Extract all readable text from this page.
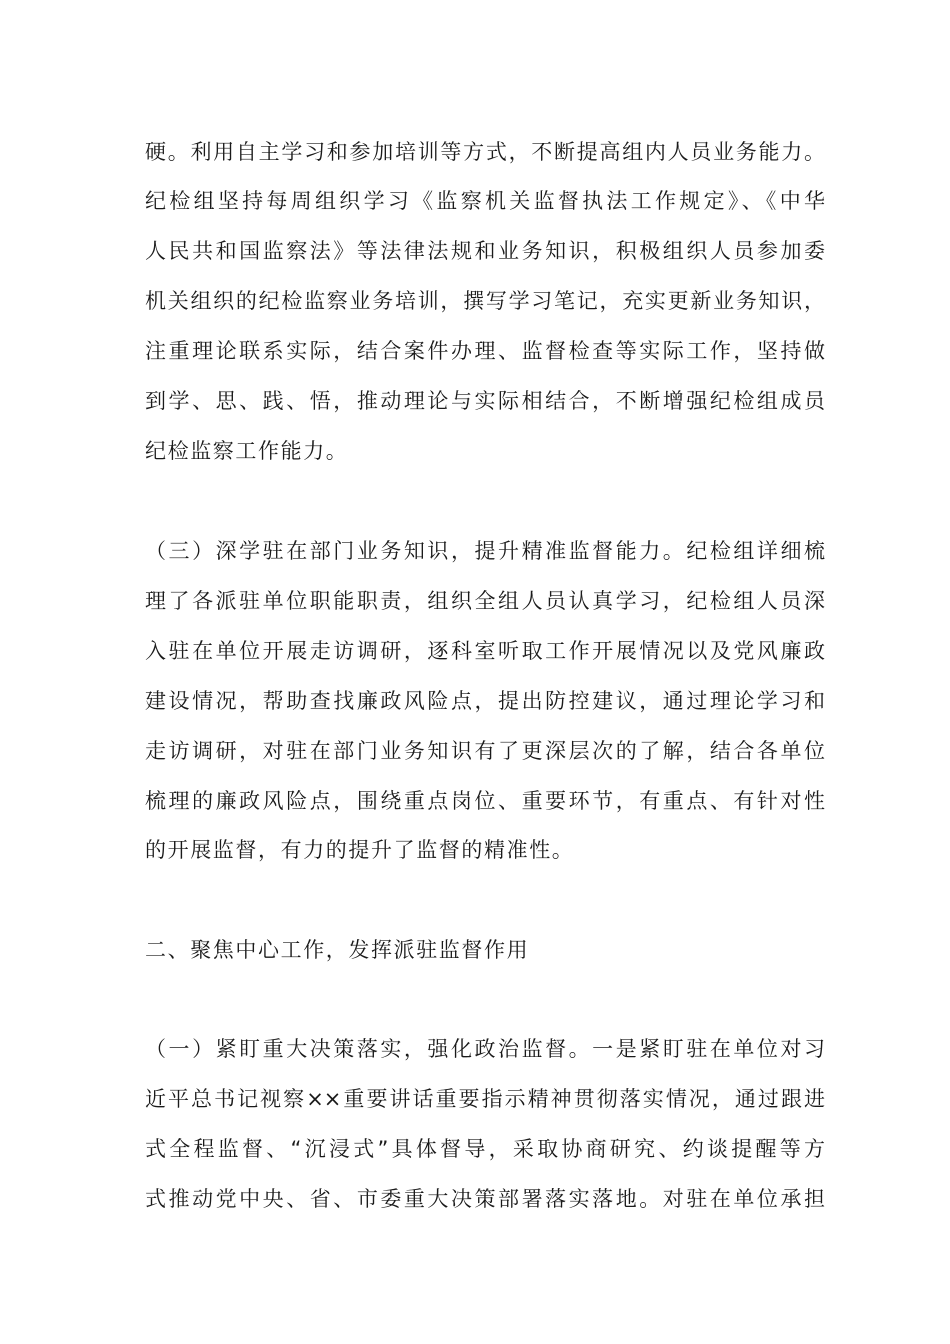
硬。利用自主学习和参加培训等方式，不断提高组内人员业务能力。
纪检组坚持每周组织学习《监察机关监督执法工作规定》、《中华
人民共和国监察法》等法律法规和业务知识，积极组织人员参加委
机关组织的纪检监察业务培训，撰写学习笔记，充实更新业务知识，
注重理论联系实际，结合案件办理、监督检查等实际工作，坚持做
到学、思、践、悟，推动理论与实际相结合，不断增强纪检组成员
纪检监察工作能力。
（三）深学驻在部门业务知识，提升精准监督能力。纪检组详细梳
理了各派驻单位职能职责，组织全组人员认真学习，纪检组人员深
入驻在单位开展走访调研，逐科室听取工作开展情况以及党风廉政
建设情况，帮助查找廉政风险点，提出防控建议，通过理论学习和
走访调研，对驻在部门业务知识有了更深层次的了解，结合各单位
梳理的廉政风险点，围绕重点岗位、重要环节，有重点、有针对性
的开展监督，有力的提升了监督的精准性。
二、聚焦中心工作，发挥派驻监督作用
（一）紧盯重大决策落实，强化政治监督。一是紧盯驻在单位对习
近平总书记视察××重要讲话重要指示精神贯彻落实情况，通过跟进
式全程监督、“沉浸式”具体督导，采取协商研究、约谈提醒等方
式推动党中央、省、市委重大决策部署落实落地。对驻在单位承担
